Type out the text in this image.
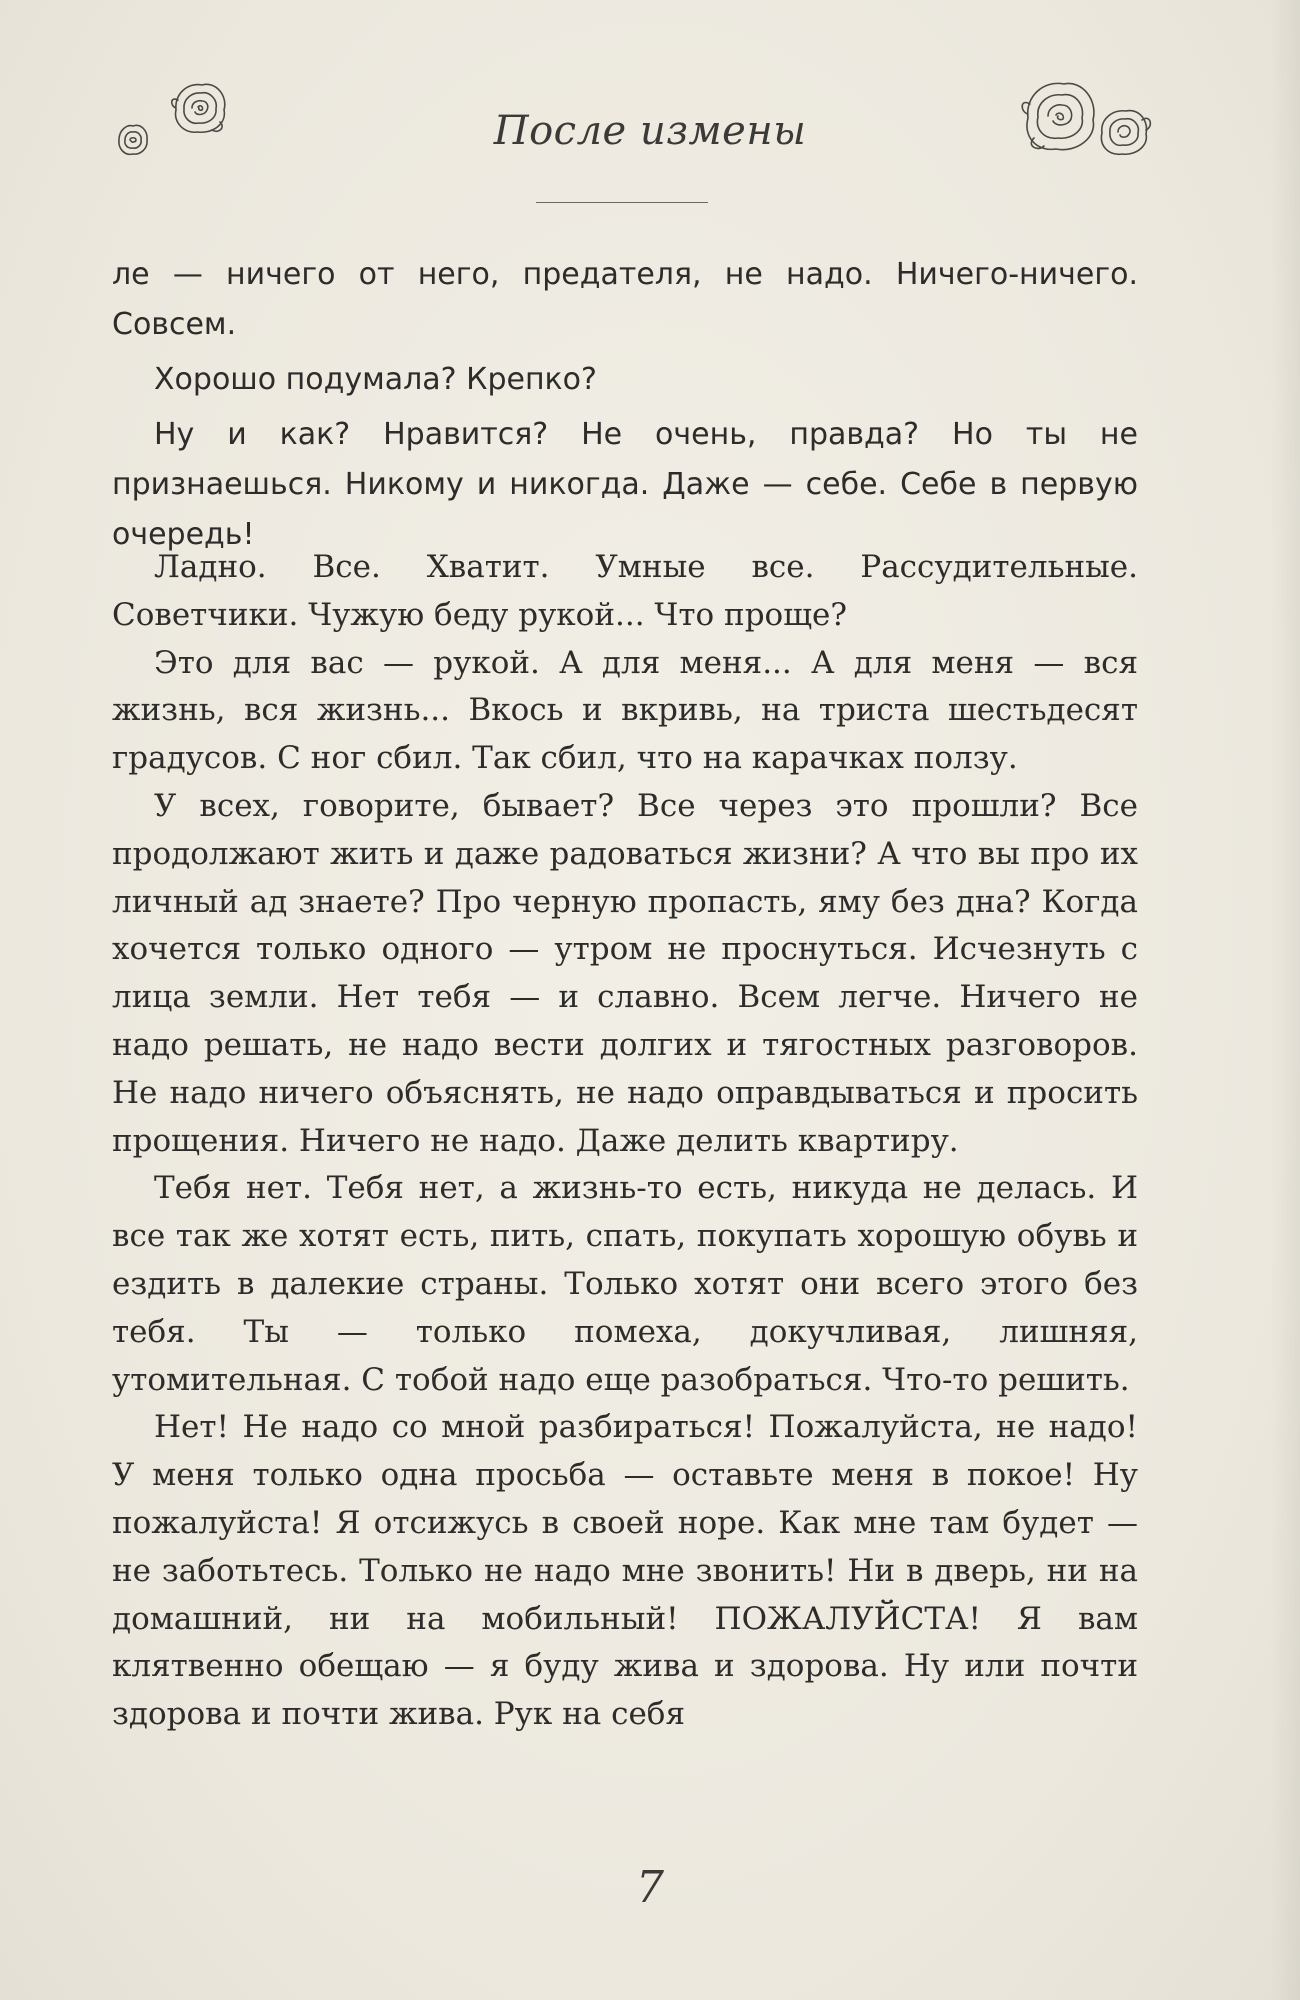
После измены

ле — ничего от него, предателя, не надо. Ничего-ничего. Совсем.

Хорошо подумала? Крепко?

Ну и как? Нравится? Не очень, правда? Но ты не признаешься. Никому и никогда. Даже — себе. Себе в первую очередь!

Ладно. Все. Хватит. Умные все. Рассудительные. Советчики. Чужую беду рукой... Что проще?

Это для вас — рукой. А для меня... А для меня — вся жизнь, вся жизнь... Вкось и вкривь, на триста шестьдесят градусов. С ног сбил. Так сбил, что на карачках ползу.

У всех, говорите, бывает? Все через это прошли? Все продолжают жить и даже радоваться жизни? А что вы про их личный ад знаете? Про черную пропасть, яму без дна? Когда хочется только одного — утром не проснуться. Исчезнуть с лица земли. Нет тебя — и славно. Всем легче. Ничего не надо решать, не надо вести долгих и тягостных разговоров. Не надо ничего объяснять, не надо оправдываться и просить прощения. Ничего не надо. Даже делить квартиру.

Тебя нет. Тебя нет, а жизнь-то есть, никуда не делась. И все так же хотят есть, пить, спать, покупать хорошую обувь и ездить в далекие страны. Только хотят они всего этого без тебя. Ты — только помеха, докучливая, лишняя, утомительная. С тобой надо еще разобраться. Что-то решить.

Нет! Не надо со мной разбираться! Пожалуйста, не надо! У меня только одна просьба — оставьте меня в покое! Ну пожалуйста! Я отсижусь в своей норе. Как мне там будет — не заботьтесь. Только не надо мне звонить! Ни в дверь, ни на домашний, ни на мобильный! ПОЖАЛУЙСТА! Я вам клятвенно обещаю — я буду жива и здорова. Ну или почти здорова и почти жива. Рук на себя

7
